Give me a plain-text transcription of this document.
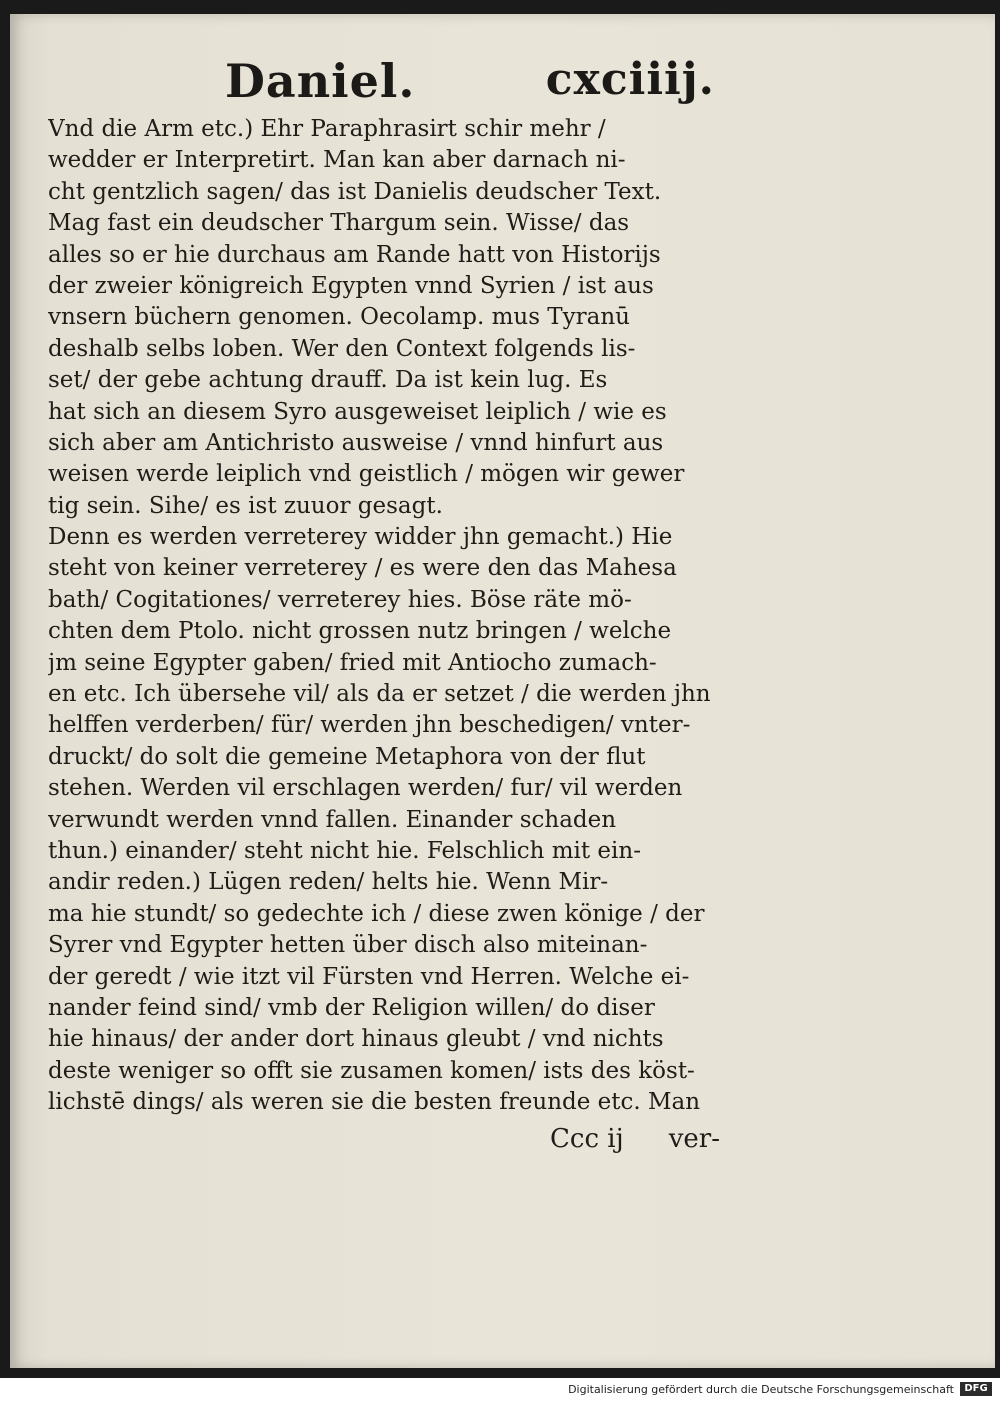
Daniel.	cxciiij.
Vnd die Arm etc.) Ehr Paraphrasirt schir mehr /
wedder er Interpretirt. Man kan aber darnach ni-
cht gentzlich sagen/ das ist Danielis deudscher Text.
Mag fast ein deudscher Thargum sein. Wisse/ das
alles so er hie durchaus am Rande hatt von Historijs
der zweier königreich Egypten vnnd Syrien / ist aus
vnsern büchern genomen. Oecolamp. mus Tyranū
deshalb selbs loben. Wer den Context folgends lis-
set/ der gebe achtung drauff. Da ist kein lug. Es
hat sich an diesem Syro ausgeweiset leiplich / wie es
sich aber am Antichristo ausweise / vnnd hinfurt aus
weisen werde leiplich vnd geistlich / mögen wir gewer
tig sein. Sihe/ es ist zuuor gesagt.
Denn es werden verreterey widder jhn gemacht.) Hie
steht von keiner verreterey / es were den das Mahesa
bath/ Cogitationes/ verreterey hies. Böse räte mö-
chten dem Ptolo. nicht grossen nutz bringen / welche
jm seine Egypter gaben/ fried mit Antiocho zumach-
en etc. Ich übersehe vil/ als da er setzet / die werden jhn
helffen verderben/ für/ werden jhn beschedigen/ vnter-
druckt/ do solt die gemeine Metaphora von der flut
stehen. Werden vil erschlagen werden/ fur/ vil werden
verwundt werden vnnd fallen. Einander schaden
thun.) einander/ steht nicht hie. Felschlich mit ein-
andir reden.) Lügen reden/ helts hie. Wenn Mir-
ma hie stundt/ so gedechte ich / diese zwen könige / der
Syrer vnd Egypter hetten über disch also miteinan-
der geredt / wie itzt vil Fürsten vnd Herren. Welche ei-
nander feind sind/ vmb der Religion willen/ do diser
hie hinaus/ der ander dort hinaus gleubt / vnd nichts
deste weniger so offt sie zusamen komen/ ists des köst-
lichstē dings/ als weren sie die besten freunde etc. Man
Ccc ij ver-
Digitalisierung gefördert durch die Deutsche Forschungsgemeinschaft	DFG
